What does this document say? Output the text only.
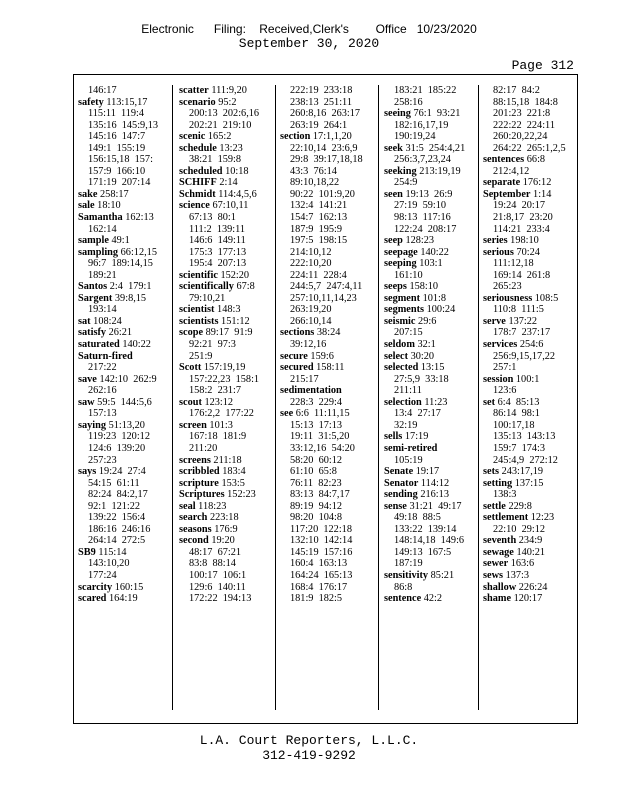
Electronic      Filing:    Received,Clerk's        Office   10/23/2020
September 30, 2020
Page 312
146:17
safety 113:15,17
115:11  119:4
135:16  145:9,13
145:16  147:7
149:1  155:19
156:15,18  157:
157:9  166:10
171:19  207:14
sake 258:17
sale 18:10
Samantha 162:13
162:14
sample 49:1
sampling 66:12,15
96:7  189:14,15
189:21
Santos 2:4  179:1
Sargent 39:8,15
193:14
sat 108:24
satisfy 26:21
saturated 140:22
Saturn-fired
217:22
save 142:10  262:9
262:16
saw 59:5  144:5,6
157:13
saying 51:13,20
119:23  120:12
124:6  139:20
257:23
says 19:24  27:4
54:15  61:11
82:24  84:2,17
92:1  121:22
139:22  156:4
186:16  246:16
264:14  272:5
SB9 115:14
143:10,20
177:24
scarcity 160:15
scared 164:19
scatter 111:9,20
scenario 95:2
200:13  202:6,16
202:21  219:10
scenic 165:2
schedule 13:23
38:21  159:8
scheduled 10:18
SCHIFF 2:14
Schmidt 114:4,5,6
science 67:10,11
67:13  80:1
111:2  139:11
146:6  149:11
175:3  177:13
195:4  207:13
scientific 152:20
scientifically 67:8
79:10,21
scientist 148:3
scientists 151:12
scope 89:17  91:9
92:21  97:3
251:9
Scott 157:19,19
157:22,23  158:1
158:2  231:7
scout 123:12
176:2,2  177:22
screen 101:3
167:18  181:9
211:20
screens 211:18
scribbled 183:4
scripture 153:5
Scriptures 152:23
seal 118:23
search 223:18
seasons 176:9
second 19:20
48:17  67:21
83:8  88:14
100:17  106:1
129:6  140:11
172:22  194:13
222:19  233:18
238:13  251:11
260:8,16  263:17
263:19  264:1
section 17:1,1,20
22:10,14  23:6,9
29:8  39:17,18,18
43:3  76:14
89:10,18,22
90:22  101:9,20
132:4  141:21
154:7  162:13
187:9  195:9
197:5  198:15
214:10,12
222:10,20
224:11  228:4
244:5,7  247:4,11
257:10,11,14,23
263:19,20
266:10,14
sections 38:24
39:12,16
secure 159:6
secured 158:11
215:17
sedimentation
228:3  229:4
see 6:6  11:11,15
15:13  17:13
19:11  31:5,20
33:12,16  54:20
58:20  60:12
61:10  65:8
76:11  82:23
83:13  84:7,17
89:19  94:12
98:20  104:8
117:20  122:18
132:10  142:14
145:19  157:16
160:4  163:13
164:24  165:13
168:4  176:17
181:9  182:5
183:21  185:22
258:16
seeing 76:1  93:21
182:16,17,19
190:19,24
seek 31:5  254:4,21
256:3,7,23,24
seeking 213:19,19
254:9
seen 19:13  26:9
27:19  59:10
98:13  117:16
122:24  208:17
seep 128:23
seepage 140:22
seeping 103:1
161:10
seeps 158:10
segment 101:8
segments 100:24
seismic 29:6
207:15
seldom 32:1
select 30:20
selected 13:15
27:5,9  33:18
211:11
selection 11:23
13:4  27:17
32:19
sells 17:19
semi-retired
105:19
Senate 19:17
Senator 114:12
sending 216:13
sense 31:21  49:17
49:18  88:5
133:22  139:14
148:14,18  149:6
149:13  167:5
187:19
sensitivity 85:21
86:8
sentence 42:2
82:17  84:2
88:15,18  184:8
201:23  221:8
222:22  224:11
260:20,22,24
264:22  265:1,2,5
sentences 66:8
212:4,12
separate 176:12
September 1:14
19:24  20:17
21:8,17  23:20
114:21  233:4
series 198:10
serious 70:24
111:12,18
169:14  261:8
265:23
seriousness 108:5
110:8  111:5
serve 137:22
178:7  237:17
services 254:6
256:9,15,17,22
257:1
session 100:1
123:6
set 6:4  85:13
86:14  98:1
100:17,18
135:13  143:13
159:7  174:3
245:4,9  272:12
sets 243:17,19
setting 137:15
138:3
settle 229:8
settlement 12:23
22:10  29:12
seventh 234:9
sewage 140:21
sewer 163:6
sews 137:3
shallow 226:24
shame 120:17
L.A. Court Reporters, L.L.C.
312-419-9292
